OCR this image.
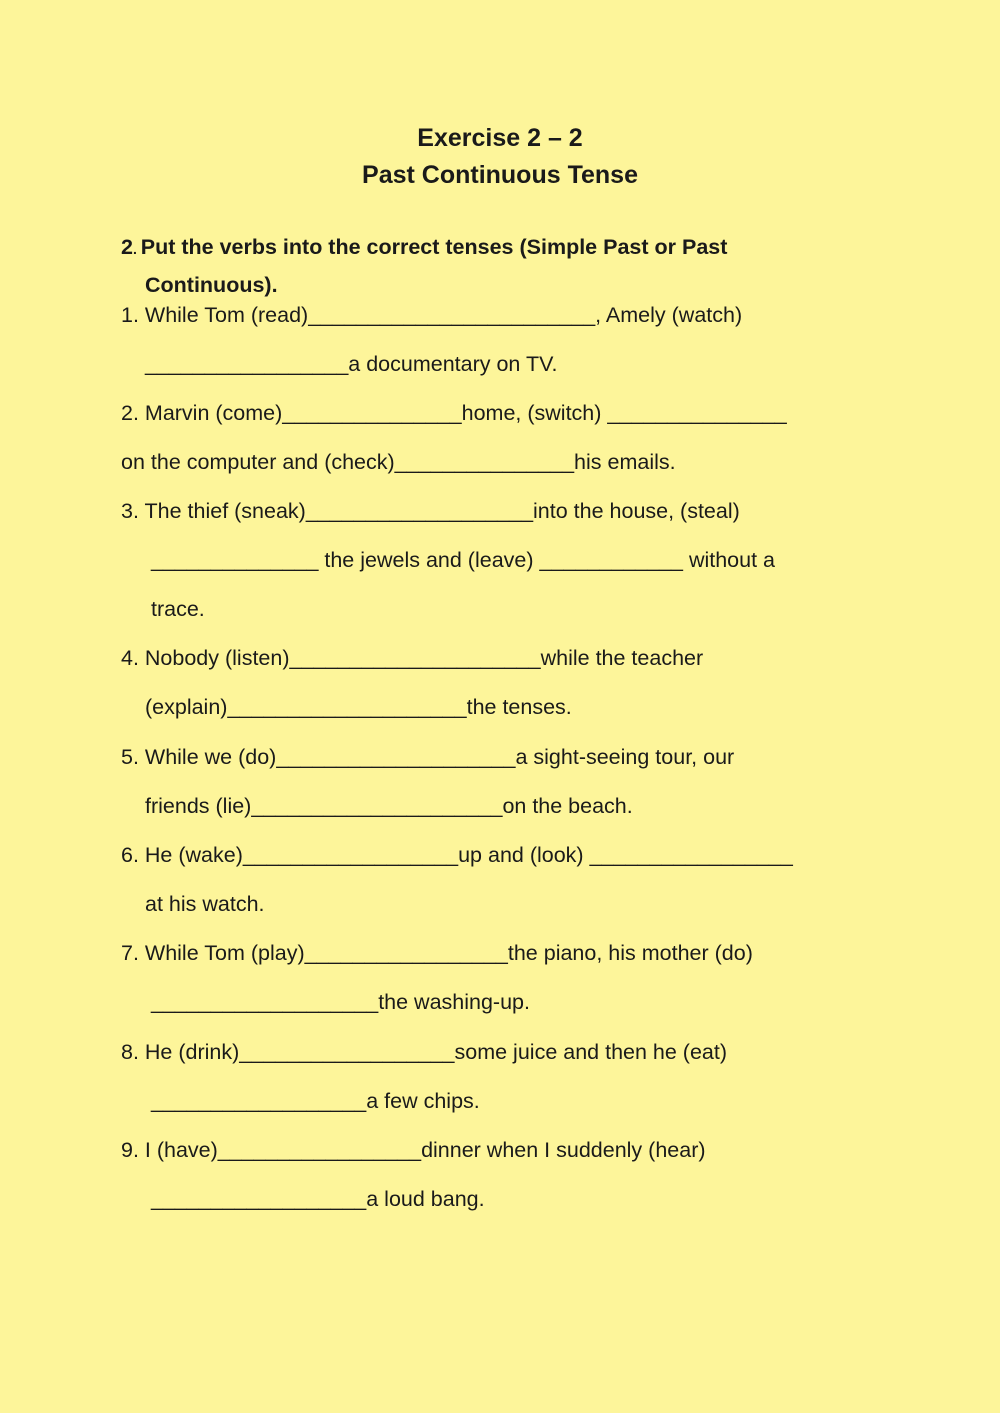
Exercise 2 – 2
Past Continuous Tense
2. Put the verbs into the correct tenses (Simple Past or Past
Continuous).
1. While Tom (read)________________________, Amely (watch)
_________________a documentary on TV.
2. Marvin (come)_______________home, (switch) _______________
on the computer and (check)_______________his emails.
3. The thief (sneak)___________________into the house, (steal)
______________ the jewels and (leave) ____________ without a
trace.
4. Nobody (listen)_____________________while the teacher
(explain)____________________the tenses.
5. While we (do)____________________a sight-seeing tour, our
friends (lie)_____________________on the beach.
6. He (wake)__________________up and (look) _________________
at his watch.
7. While Tom (play)_________________the piano, his mother (do)
___________________the washing-up.
8. He (drink)__________________some juice and then he (eat)
__________________a few chips.
9. I (have)_________________dinner when I suddenly (hear)
__________________a loud bang.
